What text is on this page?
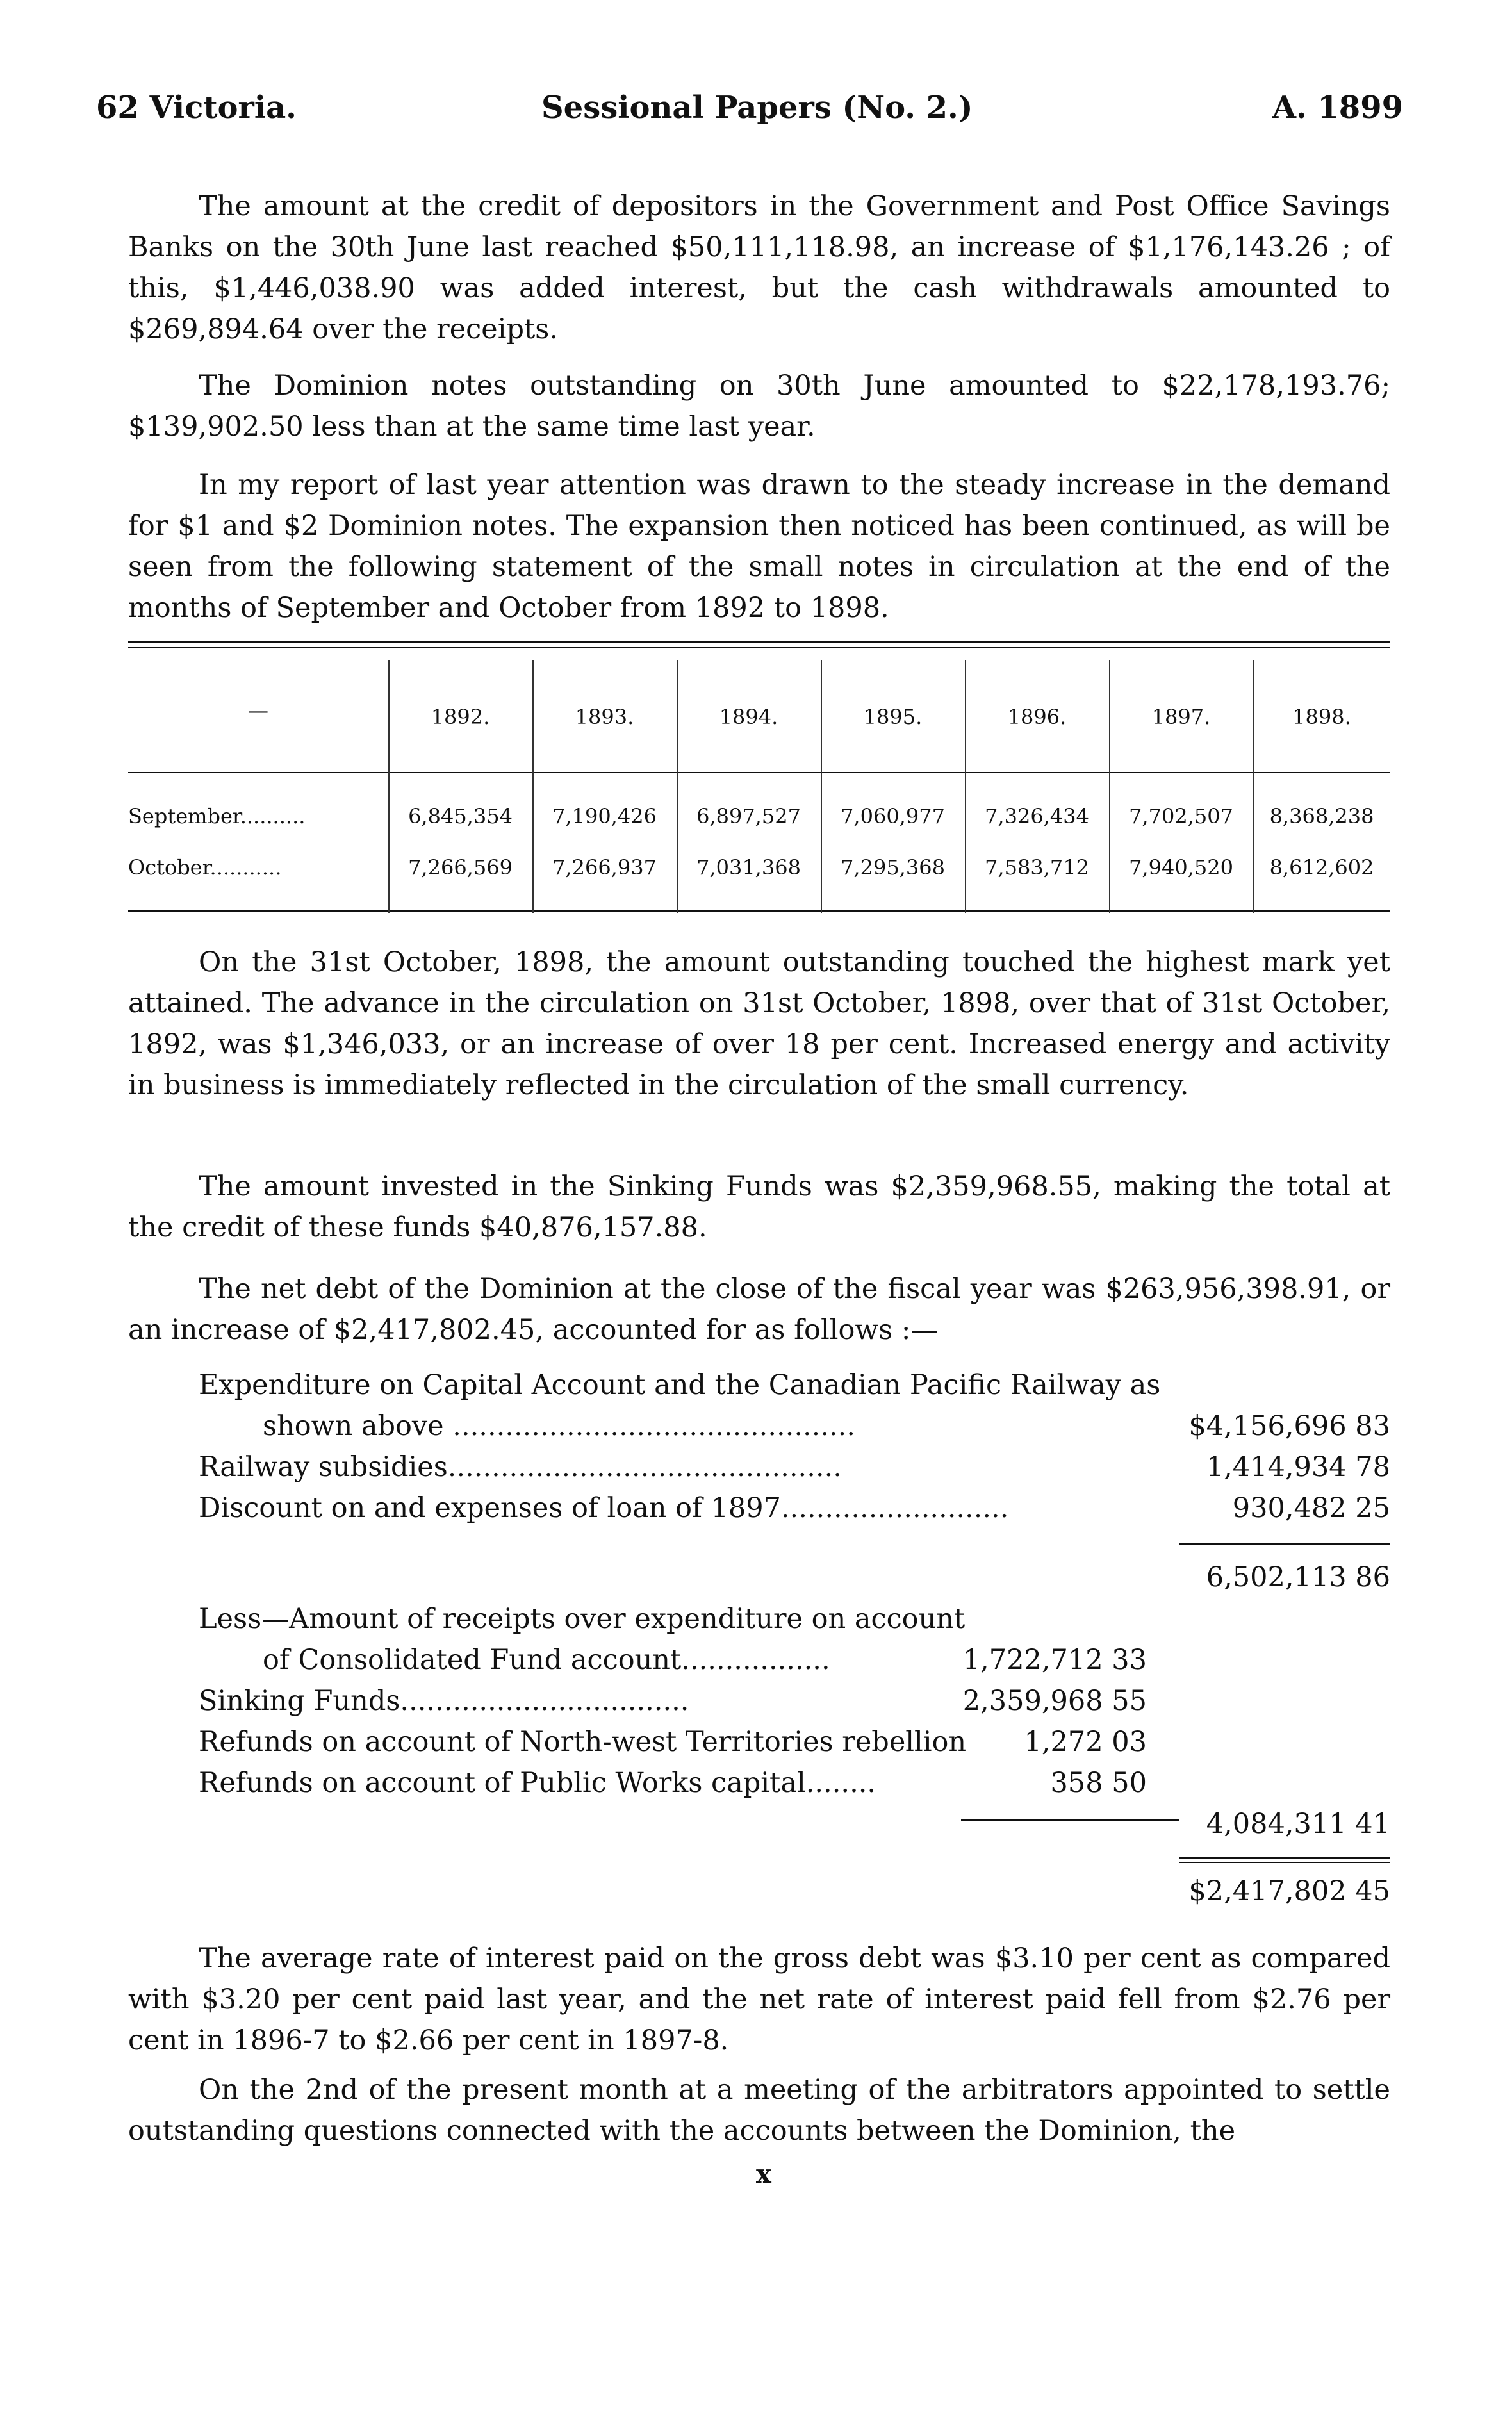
62 Victoria.	Sessional Papers (No. 2.)	A. 1899

The amount at the credit of depositors in the Government and Post Office Savings Banks on the 30th June last reached $50,111,118.98, an increase of $1,176,143.26 ; of this, $1,446,038.90 was added interest, but the cash withdrawals amounted to $269,894.64 over the receipts.

The Dominion notes outstanding on 30th June amounted to $22,178,193.76; $139,902.50 less than at the same time last year.

In my report of last year attention was drawn to the steady increase in the demand for $1 and $2 Dominion notes. The expansion then noticed has been continued, as will be seen from the following statement of the small notes in circulation at the end of the months of September and October from 1892 to 1898.

—	1892.	1893.	1894.	1895.	1896.	1897.	1898.
September..........	6,845,354	7,190,426	6,897,527	7,060,977	7,326,434	7,702,507	8,368,238
October...........	7,266,569	7,266,937	7,031,368	7,295,368	7,583,712	7,940,520	8,612,602

On the 31st October, 1898, the amount outstanding touched the highest mark yet attained. The advance in the circulation on 31st October, 1898, over that of 31st October, 1892, was $1,346,033, or an increase of over 18 per cent. Increased energy and activity in business is immediately reflected in the circulation of the small currency.

The amount invested in the Sinking Funds was $2,359,968.55, making the total at the credit of these funds $40,876,157.88.

The net debt of the Dominion at the close of the fiscal year was $263,956,398.91, or an increase of $2,417,802.45, accounted for as follows :—

Expenditure on Capital Account and the Canadian Pacific Railway as
shown above ..............................................	$4,156,696 83
Railway subsidies.............................................	1,414,934 78
Discount on and expenses of loan of 1897..........................	930,482 25
6,502,113 86
Less—Amount of receipts over expenditure on account
of Consolidated Fund account.................	1,722,712 33
Sinking Funds.................................	2,359,968 55
Refunds on account of North-west Territories rebellion 1,272 03
Refunds on account of Public Works capital........	358 50
4,084,311 41
$2,417,802 45

The average rate of interest paid on the gross debt was $3.10 per cent as compared with $3.20 per cent paid last year, and the net rate of interest paid fell from $2.76 per cent in 1896-7 to $2.66 per cent in 1897-8.

On the 2nd of the present month at a meeting of the arbitrators appointed to settle outstanding questions connected with the accounts between the Dominion, the

x
